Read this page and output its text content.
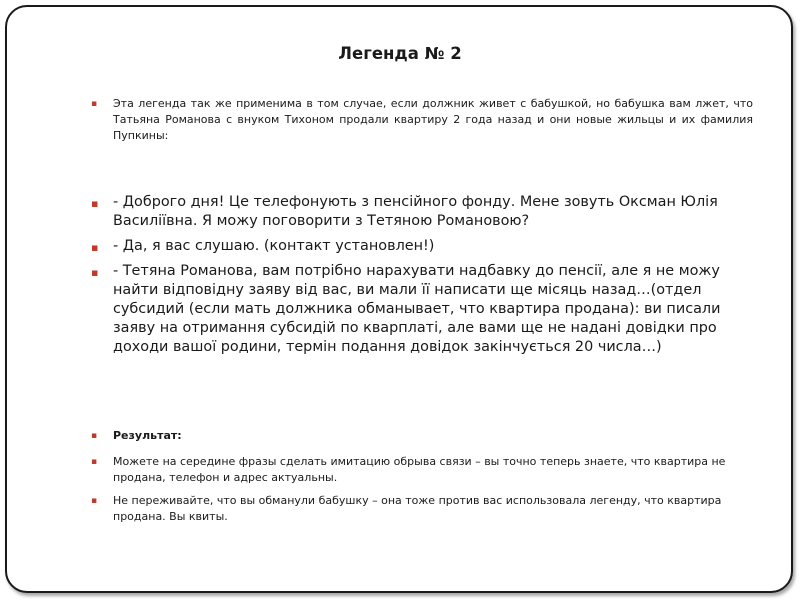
Легенда № 2
▪ Эта легенда так же применима в том случае, если должник живет с бабушкой, но бабушка вам лжет, что Татьяна Романова с внуком Тихоном продали квартиру 2 года назад и они новые жильцы и их фамилия Пупкины:
▪ - Доброго дня! Це телефонують з пенсійного фонду. Мене зовуть Оксман Юлія Василіївна. Я можу поговорити з Тетяною Романовою?
▪ - Да, я вас слушаю. (контакт установлен!)
▪ - Тетяна Романова, вам потрібно нарахувати надбавку до пенсії, але я не можу найти відповідну заяву від вас, ви мали її написати ще місяць назад…(отдел субсидий (если мать должника обманывает, что квартира продана): ви писали заяву на отримання субсидій по кварплаті, але вами ще не надані довідки про доходи вашої родини, термін подання довідок закінчується 20 числа…)
▪ Результат:
▪ Можете на середине фразы сделать имитацию обрыва связи – вы точно теперь знаете, что квартира не продана, телефон и адрес актуальны.
▪ Не переживайте, что вы обманули бабушку – она тоже против вас использовала легенду, что квартира продана. Вы квиты.
